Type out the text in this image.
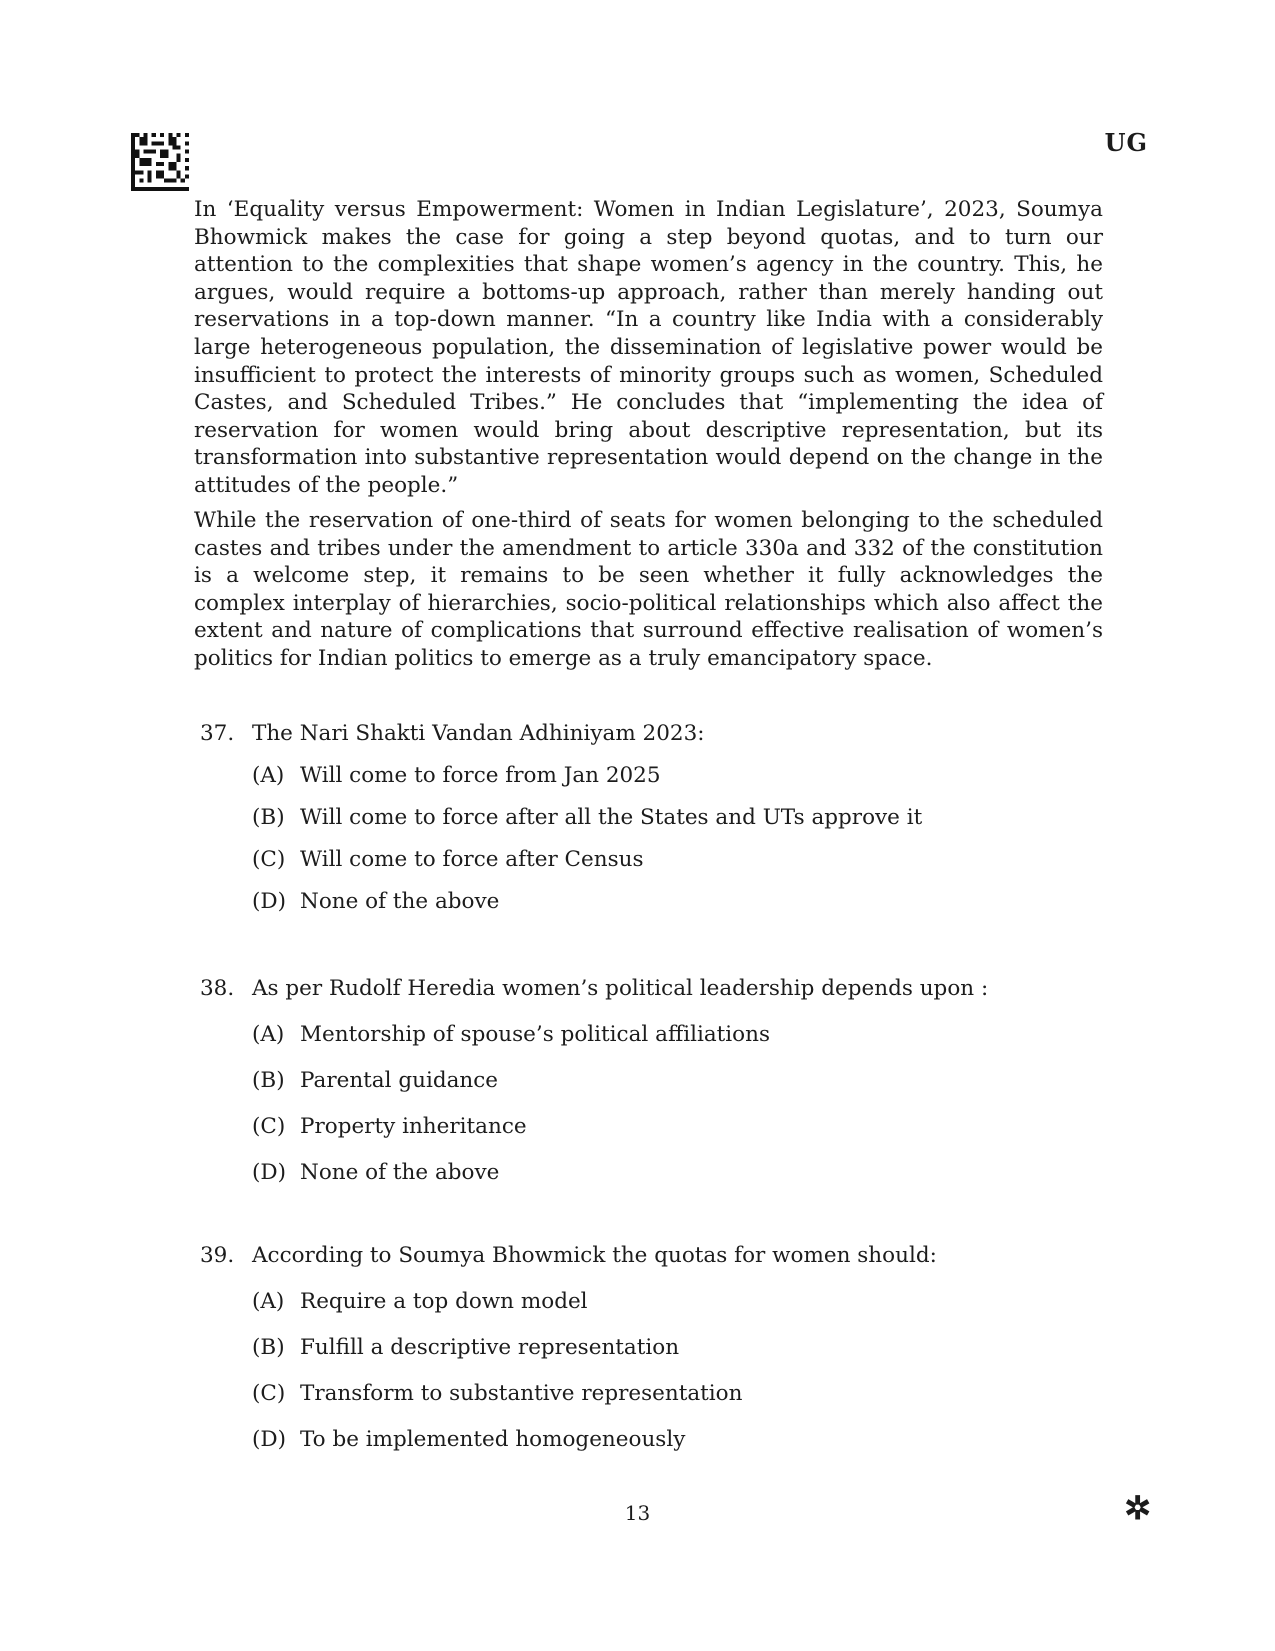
UG

In ‘Equality versus Empowerment: Women in Indian Legislature’, 2023, Soumya Bhowmick makes the case for going a step beyond quotas, and to turn our attention to the complexities that shape women’s agency in the country. This, he argues, would require a bottoms-up approach, rather than merely handing out reservations in a top-down manner. “In a country like India with a considerably large heterogeneous population, the dissemination of legislative power would be insufficient to protect the interests of minority groups such as women, Scheduled Castes, and Scheduled Tribes.” He concludes that “implementing the idea of reservation for women would bring about descriptive representation, but its transformation into substantive representation would depend on the change in the attitudes of the people.”

While the reservation of one-third of seats for women belonging to the scheduled castes and tribes under the amendment to article 330a and 332 of the constitution is a welcome step, it remains to be seen whether it fully acknowledges the complex interplay of hierarchies, socio-political relationships which also affect the extent and nature of complications that surround effective realisation of women’s politics for Indian politics to emerge as a truly emancipatory space.

37. The Nari Shakti Vandan Adhiniyam 2023:
(A) Will come to force from Jan 2025
(B) Will come to force after all the States and UTs approve it
(C) Will come to force after Census
(D) None of the above
38. As per Rudolf Heredia women’s political leadership depends upon :
(A) Mentorship of spouse’s political affiliations
(B) Parental guidance
(C) Property inheritance
(D) None of the above
39. According to Soumya Bhowmick the quotas for women should:
(A) Require a top down model
(B) Fulfill a descriptive representation
(C) Transform to substantive representation
(D) To be implemented homogeneously
13	✲
